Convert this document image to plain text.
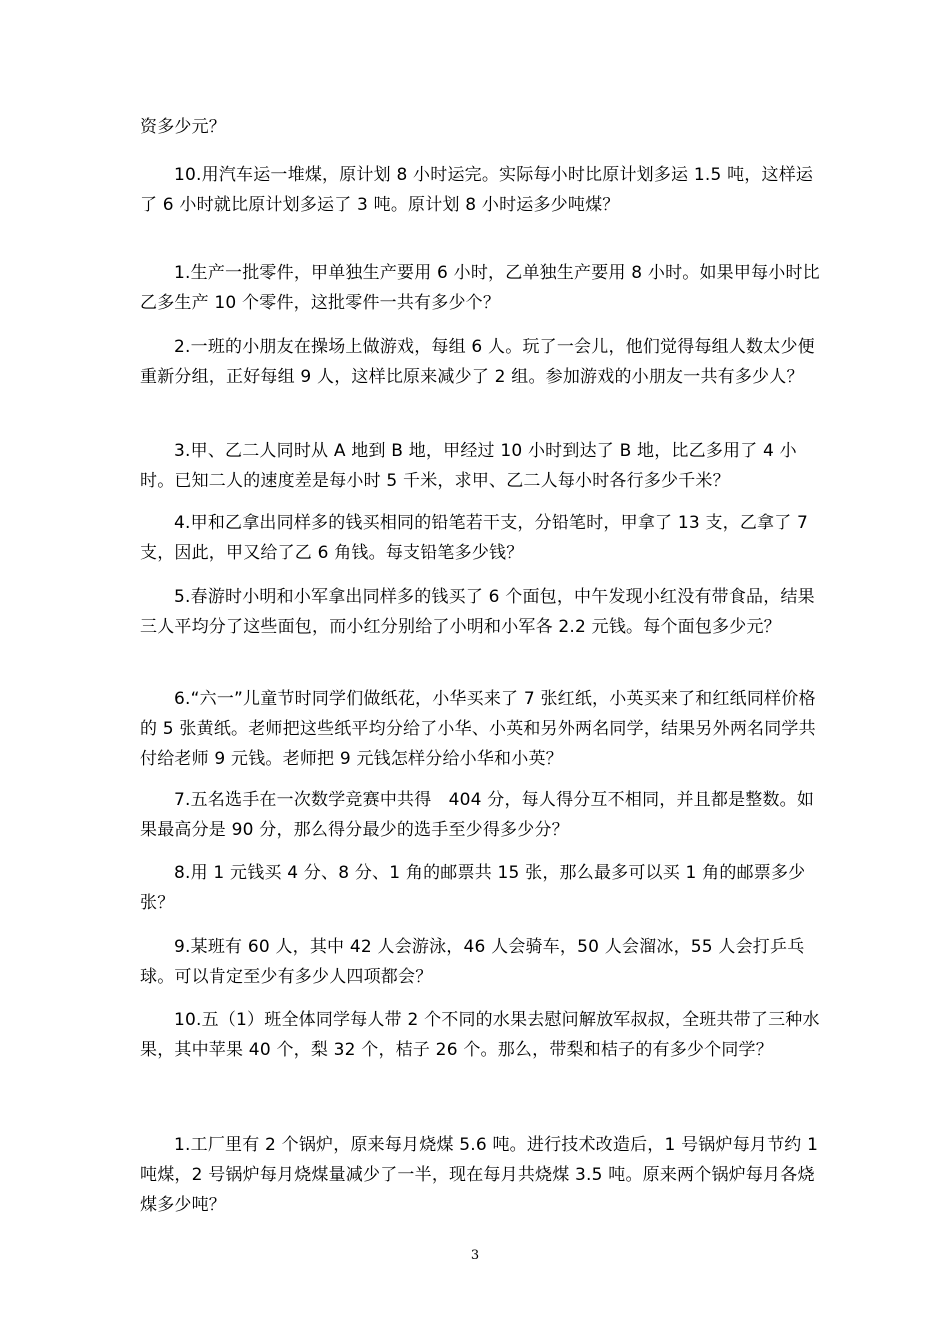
资多少元？

10.用汽车运一堆煤，原计划 8 小时运完。实际每小时比原计划多运 1.5 吨，这样运了 6 小时就比原计划多运了 3 吨。原计划 8 小时运多少吨煤？

1.生产一批零件，甲单独生产要用 6 小时，乙单独生产要用 8 小时。如果甲每小时比乙多生产 10 个零件，这批零件一共有多少个？

2.一班的小朋友在操场上做游戏，每组 6 人。玩了一会儿，他们觉得每组人数太少便重新分组，正好每组 9 人，这样比原来减少了 2 组。参加游戏的小朋友一共有多少人？

3.甲、乙二人同时从 A 地到 B 地，甲经过 10 小时到达了 B 地，比乙多用了 4 小时。已知二人的速度差是每小时 5 千米，求甲、乙二人每小时各行多少千米？

4.甲和乙拿出同样多的钱买相同的铅笔若干支，分铅笔时，甲拿了 13 支，乙拿了 7 支，因此，甲又给了乙 6 角钱。每支铅笔多少钱？

5.春游时小明和小军拿出同样多的钱买了 6 个面包，中午发现小红没有带食品，结果三人平均分了这些面包，而小红分别给了小明和小军各 2.2 元钱。每个面包多少元？

6.“六一”儿童节时同学们做纸花，小华买来了 7 张红纸，小英买来了和红纸同样价格的 5 张黄纸。老师把这些纸平均分给了小华、小英和另外两名同学，结果另外两名同学共付给老师 9 元钱。老师把 9 元钱怎样分给小华和小英？

7.五名选手在一次数学竞赛中共得　404 分，每人得分互不相同，并且都是整数。如果最高分是 90 分，那么得分最少的选手至少得多少分？

8.用 1 元钱买 4 分、8 分、1 角的邮票共 15 张，那么最多可以买 1 角的邮票多少张？

9.某班有 60 人，其中 42 人会游泳，46 人会骑车，50 人会溜冰，55 人会打乒乓球。可以肯定至少有多少人四项都会？

10.五（1）班全体同学每人带 2 个不同的水果去慰问解放军叔叔，全班共带了三种水果，其中苹果 40 个，梨 32 个，桔子 26 个。那么，带梨和桔子的有多少个同学？

1.工厂里有 2 个锅炉，原来每月烧煤 5.6 吨。进行技术改造后，1 号锅炉每月节约 1 吨煤，2 号锅炉每月烧煤量减少了一半，现在每月共烧煤 3.5 吨。原来两个锅炉每月各烧煤多少吨？

3
